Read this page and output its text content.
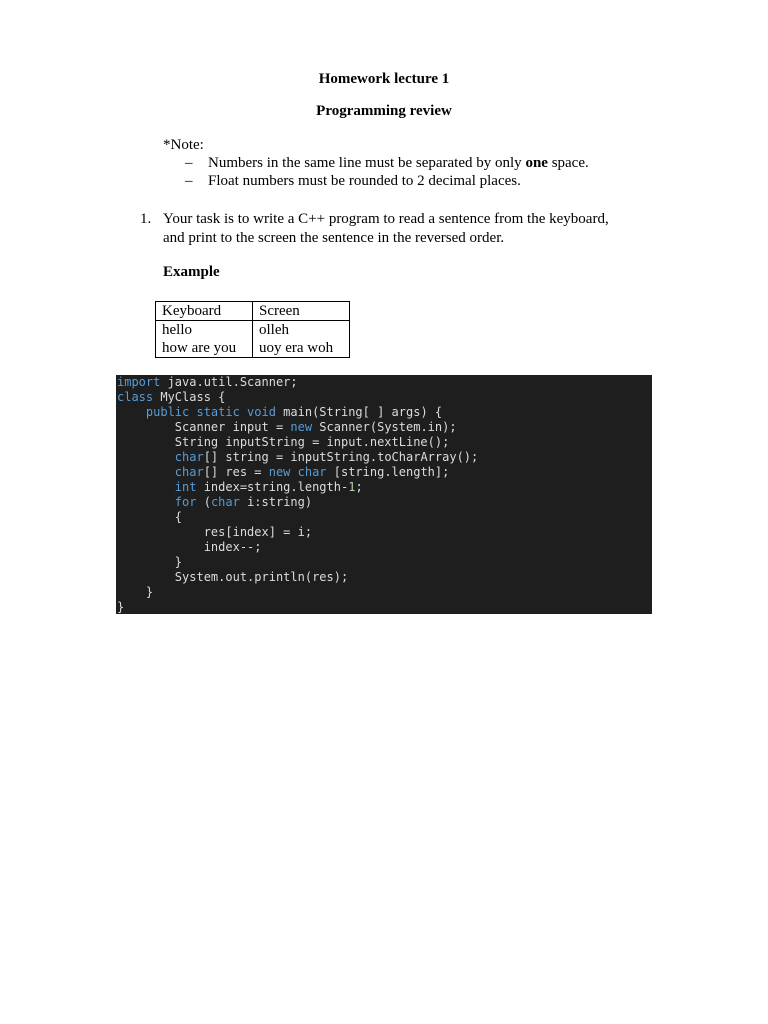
Homework lecture 1
Programming review
*Note:
– Numbers in the same line must be separated by only one space.
– Float numbers must be rounded to 2 decimal places.
1. Your task is to write a C++ program to read a sentence from the keyboard, and print to the screen the sentence in the reversed order.
Example
Keyboard	Screen
hello	olleh
how are you	uoy era woh
import java.util.Scanner;
class MyClass {
public static void main(String[ ] args) {
Scanner input = new Scanner(System.in);
String inputString = input.nextLine();
char[] string = inputString.toCharArray();
char[] res = new char [string.length];
int index=string.length-1;
for (char i:string)
{
res[index] = i;
index--;
}
System.out.println(res);
}
}
